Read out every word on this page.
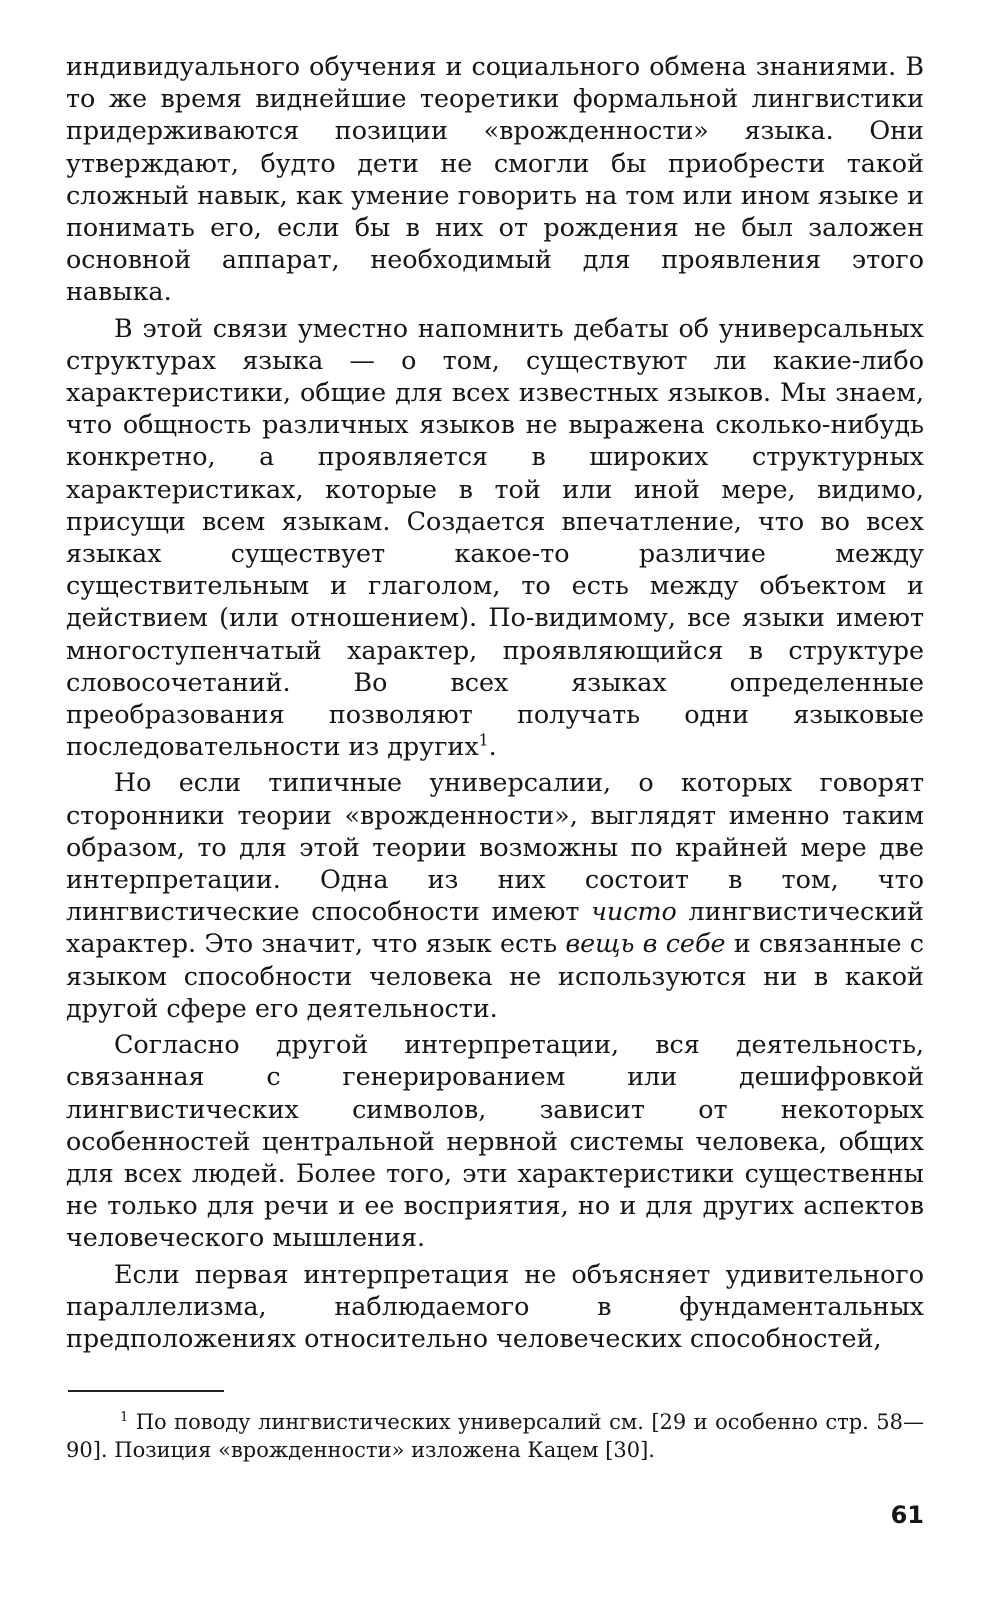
индивидуального обучения и социального обмена знаниями. В то же время виднейшие теоретики формальной лингвистики придерживаются позиции «врожденности» языка. Они утверждают, будто дети не смогли бы приобрести такой сложный навык, как умение говорить на том или ином языке и понимать его, если бы в них от рождения не был заложен основной аппарат, необходимый для проявления этого навыка.

В этой связи уместно напомнить дебаты об универсальных структурах языка — о том, существуют ли какие-либо характеристики, общие для всех известных языков. Мы знаем, что общность различных языков не выражена сколько-нибудь конкретно, а проявляется в широких структурных характеристиках, которые в той или иной мере, видимо, присущи всем языкам. Создается впечатление, что во всех языках существует какое-то различие между существительным и глаголом, то есть между объектом и действием (или отношением). По-видимому, все языки имеют многоступенчатый характер, проявляющийся в структуре словосочетаний. Во всех языках определенные преобразования позволяют получать одни языковые последовательности из других$^1$.

Но если типичные универсалии, о которых говорят сторонники теории «врожденности», выглядят именно таким образом, то для этой теории возможны по крайней мере две интерпретации. Одна из них состоит в том, что лингвистические способности имеют чисто лингвистический характер. Это значит, что язык есть вещь в себе и связанные с языком способности человека не используются ни в какой другой сфере его деятельности.

Согласно другой интерпретации, вся деятельность, связанная с генерированием или дешифровкой лингвистических символов, зависит от некоторых особенностей центральной нервной системы человека, общих для всех людей. Более того, эти характеристики существенны не только для речи и ее восприятия, но и для других аспектов человеческого мышления.

Если первая интерпретация не объясняет удивительного параллелизма, наблюдаемого в фундаментальных предположениях относительно человеческих способностей,

$^1$ По поводу лингвистических универсалий см. [29 и особенно стр. 58—90]. Позиция «врожденности» изложена Кацем [30].

61
